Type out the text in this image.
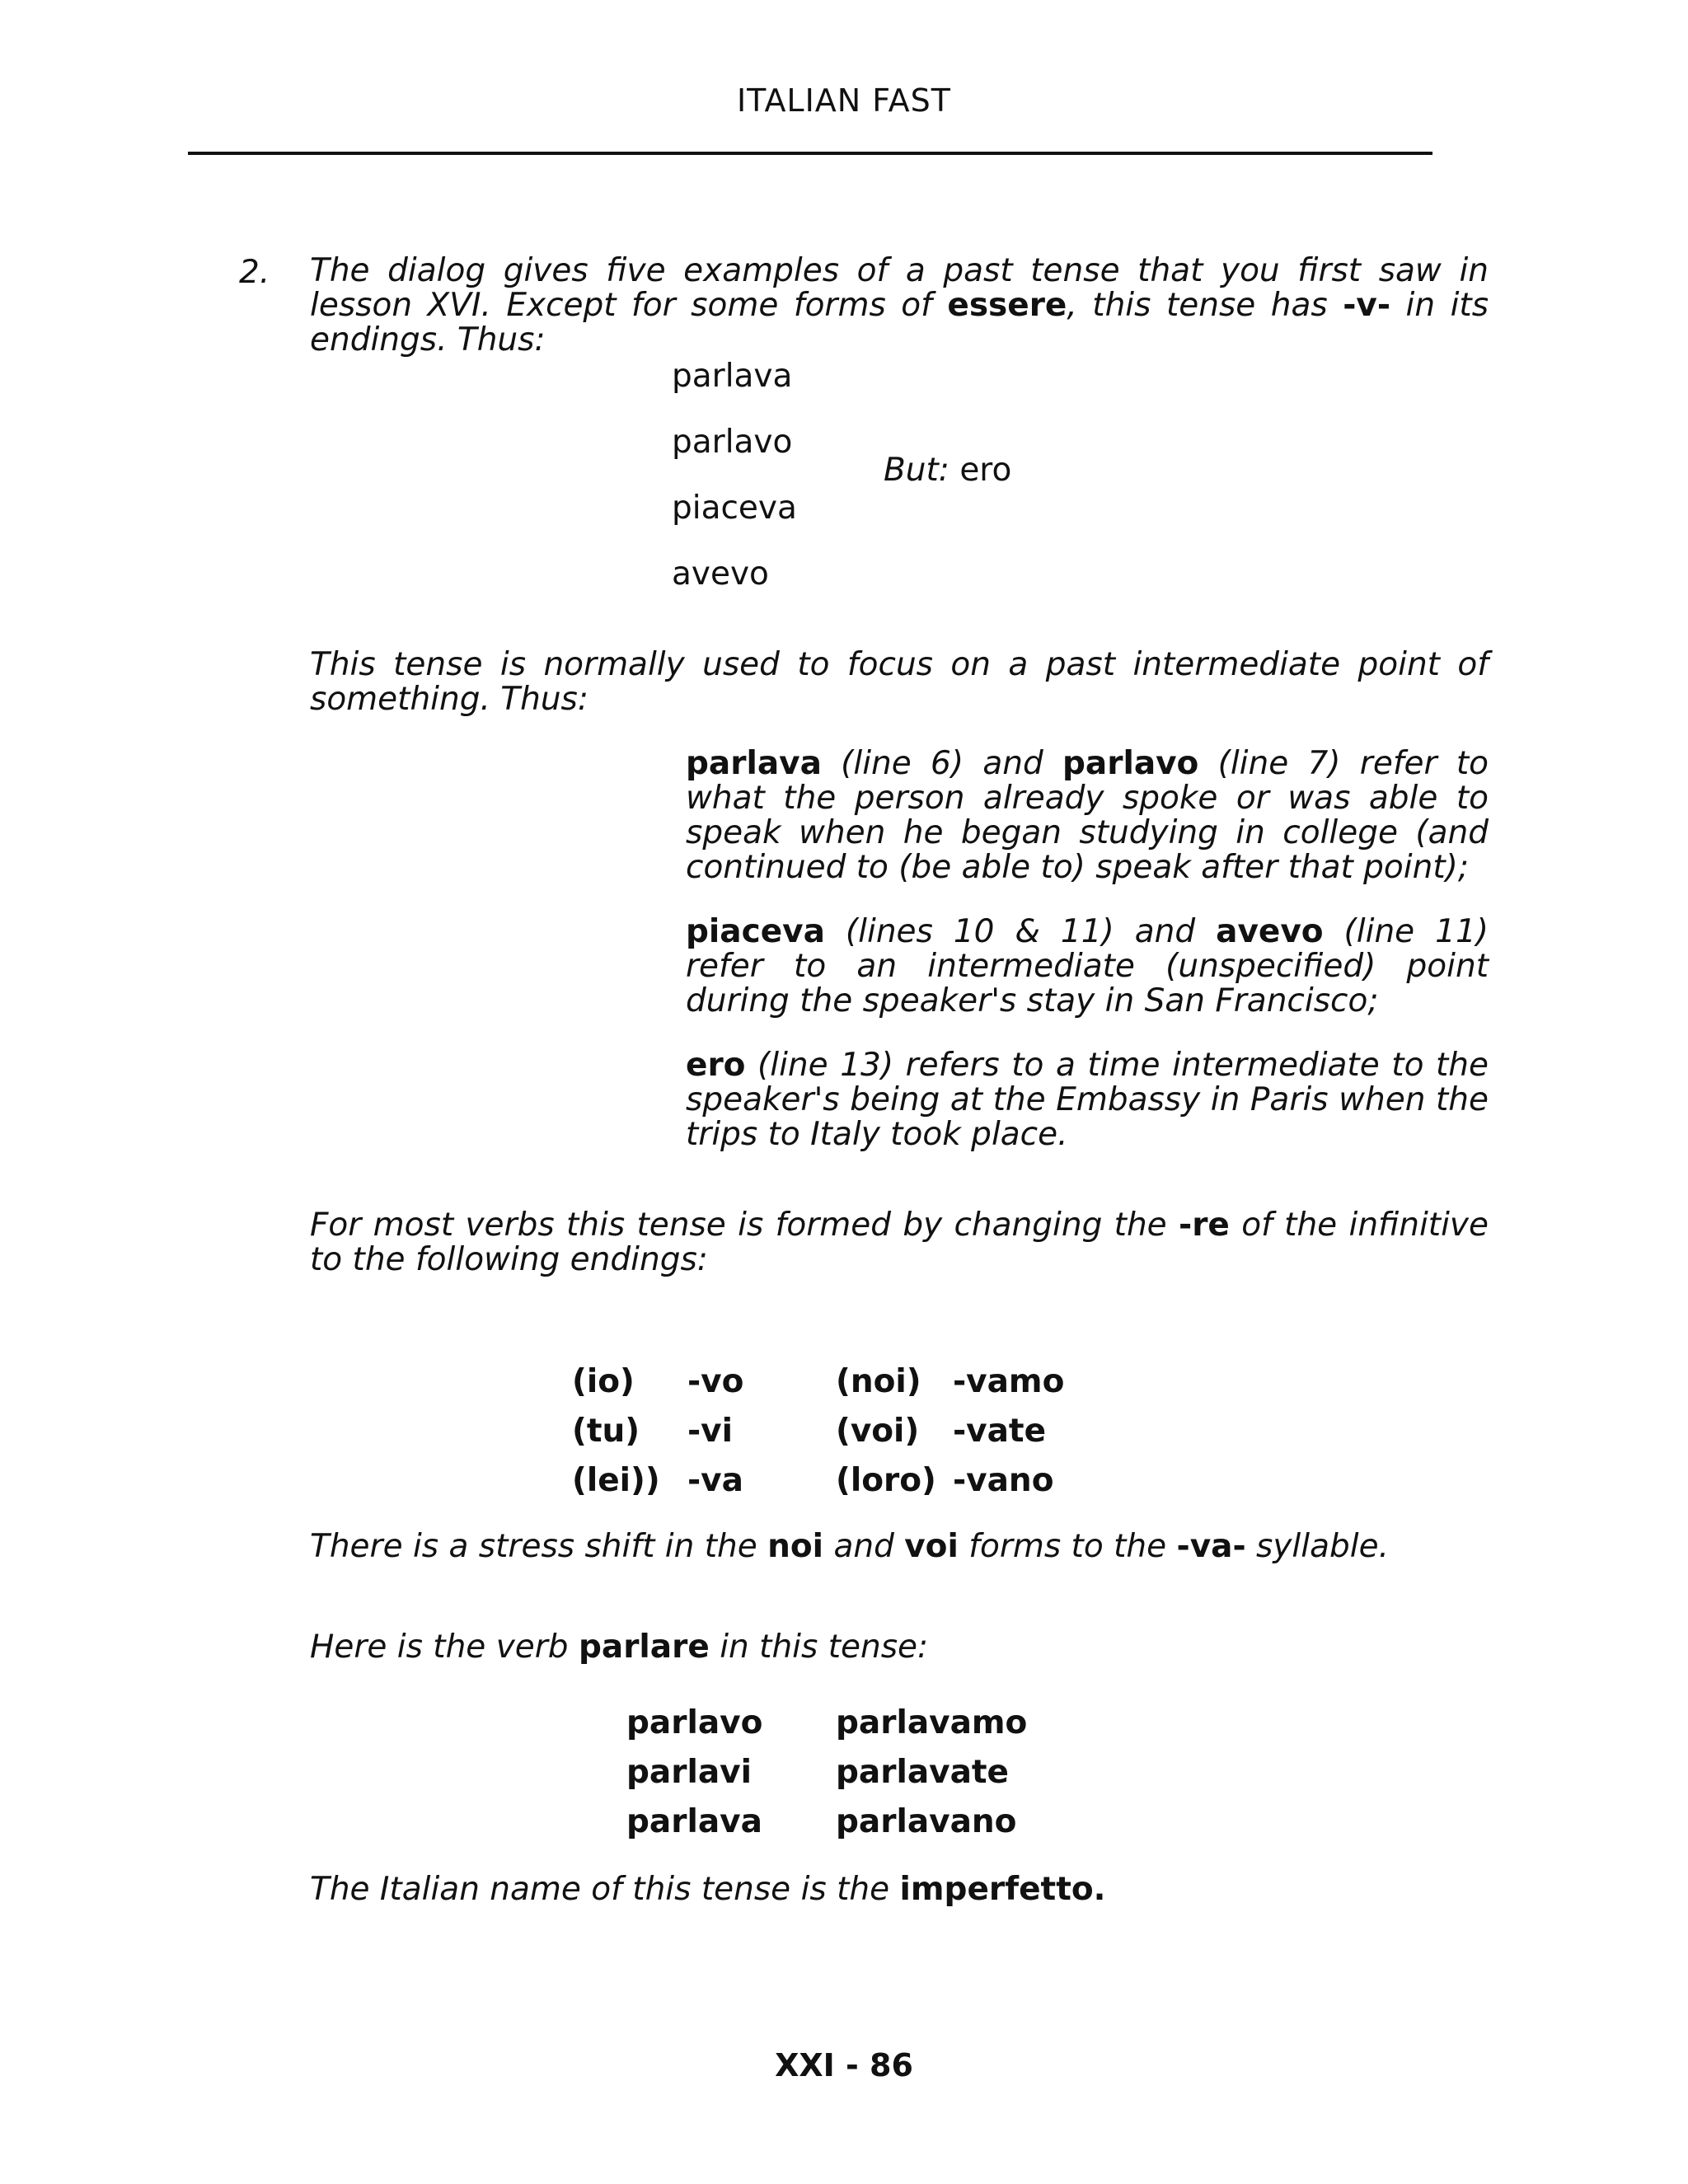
ITALIAN FAST
2. The dialog gives five examples of a past tense that you first saw in lesson XVI. Except for some forms of essere, this tense has -v- in its endings. Thus:
parlava
parlavo
piaceva
avevo
But: ero
This tense is normally used to focus on a past intermediate point of something. Thus:
parlava (line 6) and parlavo (line 7) refer to what the person already spoke or was able to speak when he began studying in college (and continued to (be able to) speak after that point);
piaceva (lines 10 & 11) and avevo (line 11) refer to an intermediate (unspecified) point during the speaker's stay in San Francisco;
ero (line 13) refers to a time intermediate to the speaker's being at the Embassy in Paris when the trips to Italy took place.
For most verbs this tense is formed by changing the -re of the infinitive to the following endings:
(io) -vo	(noi) -vamo
(tu) -vi	(voi) -vate
(lei)) -va	(loro) -vano
There is a stress shift in the noi and voi forms to the -va- syllable.
Here is the verb parlare in this tense:
parlavo parlavamo
parlavi	parlavate
parlava parlavano
The Italian name of this tense is the imperfetto.
XXI - 86
